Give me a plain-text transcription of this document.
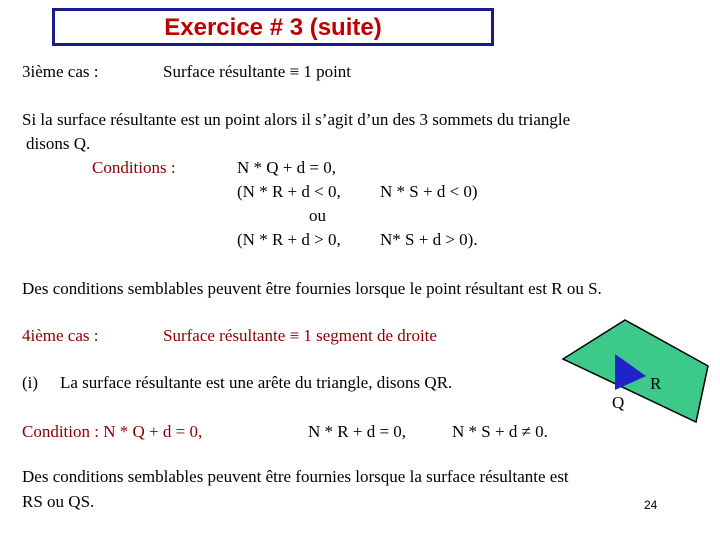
Exercice # 3 (suite)
3ième cas :	Surface résultante ≡ 1 point
Si la surface résultante est un point alors il s’agit d’un des 3 sommets du triangle
disons Q.
Conditions :	N * Q + d = 0,
(N * R + d < 0, N * S + d < 0)
ou
(N * R + d > 0, N* S + d > 0).
Des conditions semblables peuvent être fournies lorsque le point résultant est R ou S.
4ième cas :	Surface résultante ≡ 1 segment de droite
(i) La surface résultante est une arête du triangle, disons QR.
Condition : N * Q + d = 0,	N * R + d = 0,	N * S + d ≠ 0.
Des conditions semblables peuvent être fournies lorsque la surface résultante est
RS ou QS.	24
R
Q
